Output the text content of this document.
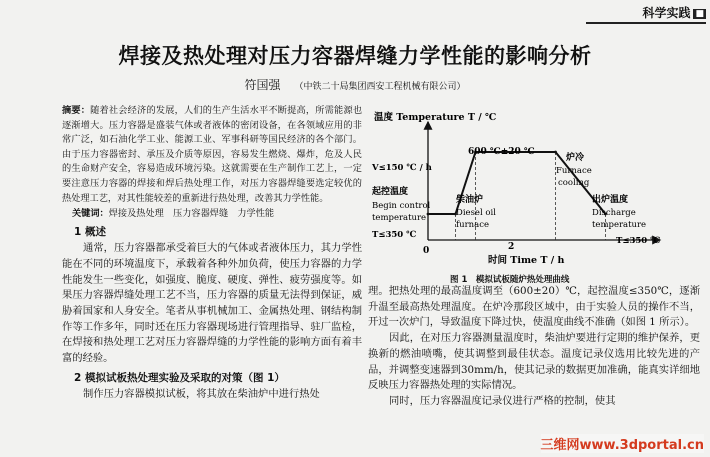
科学实践 ■
焊接及热处理对压力容器焊缝力学性能的影响分析
符国强 （中铁二十局集团西安工程机械有限公司）

摘要：随着社会经济的发展，人们的生产生活水平不断提高，所需能源也逐渐增大。压力容器是盛装气体或者液体的密闭设备，在各领域应用的非常广泛，如石油化学工业、能源工业、军事科研等国民经济的各个部门。由于压力容器密封、承压及介质等原因，容易发生燃烧、爆炸，危及人民的生命财产安全，容易造成环境污染。这就需要在生产制作工艺上，一定要注意压力容器的焊接和焊后热处理工作，对压力容器焊缝要选定较优的热处理工艺，对其性能较差的重新进行热处理，改善其力学性能。

关键词：焊接及热处理　压力容器焊缝　力学性能

1 概述

通常，压力容器都承受着巨大的气体或者液体压力，其力学性能在不同的环境温度下，承载着各种外加负荷，使压力容器的力学性能发生一些变化，如强度、脆度、硬度、弹性、疲劳强度等。如果压力容器焊缝处理工艺不当，压力容器的质量无法得到保证，威胁着国家和人身安全。笔者从事机械加工、金属热处理、钢结构制作等工作多年，同时还在压力容器现场进行管理指导、驻厂监检，在焊接和热处理工艺对压力容器焊缝的力学性能的影响方面有着丰富的经验。

2 模拟试板热处理实验及采取的对策（图 1）

制作压力容器模拟试板，将其放在柴油炉中进行热处

温度 Temperature T / ℃
V≤150 ℃ / h
起控温度
Begin control
temperature
T≤350 ℃
600 ℃±20 ℃
柴油炉
Diesel oil
furnace
炉冷
Furnace
cooling
出炉温度
Discharge
temperature
T≤350 ℃
0	2
时间 Time T / h
图 1　模拟试板随炉热处理曲线

理。把热处理的最高温度调至（600±20）℃，起控温度≤350℃，逐渐升温至最高热处理温度。在炉冷那段区域中，由于实验人员的操作不当，开过一次炉门，导致温度下降过快，使温度曲线不准确（如图 1 所示）。

因此，在对压力容器测量温度时，柴油炉要进行定期的维护保养，更换新的燃油喷嘴，使其调整到最佳状态。温度记录仪选用比较先进的产品，并调整变速器到30mm/h，使其记录的数据更加准确，能真实详细地反映压力容器热处理的实际情况。

同时，压力容器温度记录仪进行严格的控制，使其

三维网www.3dportal.cn
